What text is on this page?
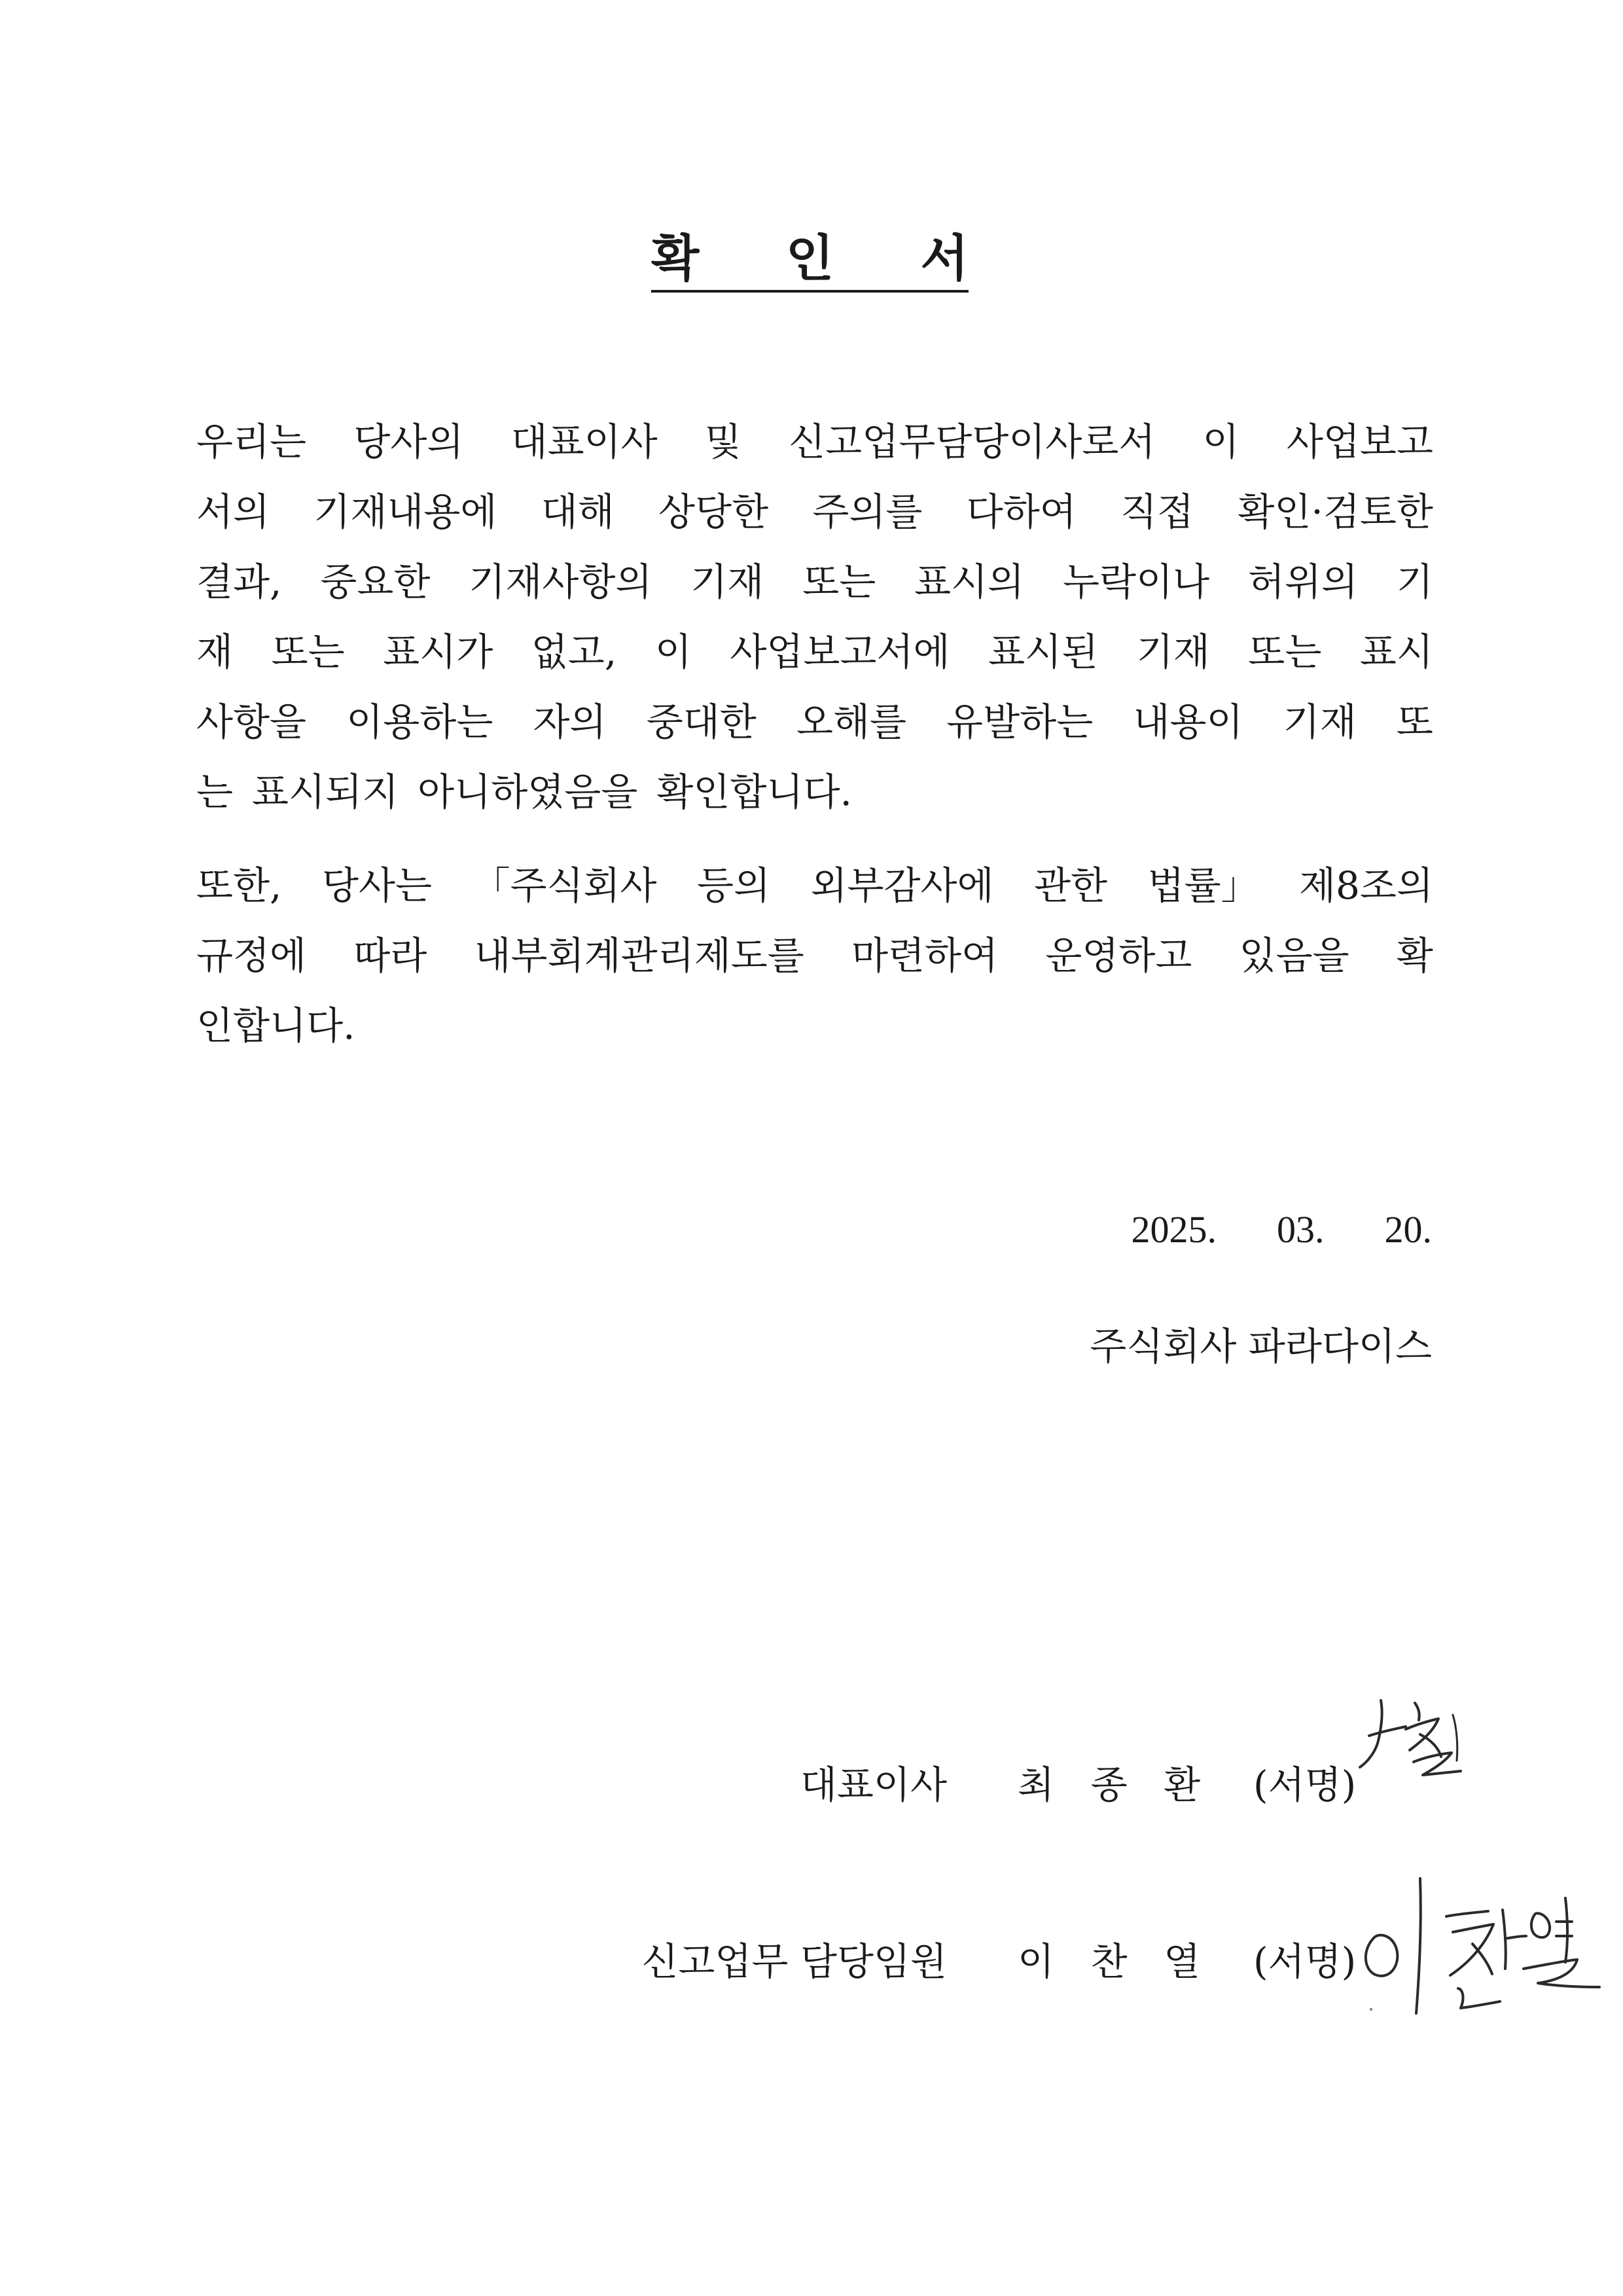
확 인 서
우리는 당사의 대표이사 및 신고업무담당이사로서 이 사업보고
서의 기재내용에 대해 상당한 주의를 다하여 직접 확인·검토한
결과, 중요한 기재사항의 기재 또는 표시의 누락이나 허위의 기
재 또는 표시가 없고, 이 사업보고서에 표시된 기재 또는 표시
사항을 이용하는 자의 중대한 오해를 유발하는 내용이 기재 또
는 표시되지 아니하였음을 확인합니다.
또한, 당사는 「주식회사 등의 외부감사에 관한 법률」 제8조의
규정에 따라 내부회계관리제도를 마련하여 운영하고 있음을 확
인합니다.
2025. 03. 20.
주식회사 파라다이스
대표이사 최 종 환 (서명)
신고업무 담당임원 이 찬 열 (서명)
